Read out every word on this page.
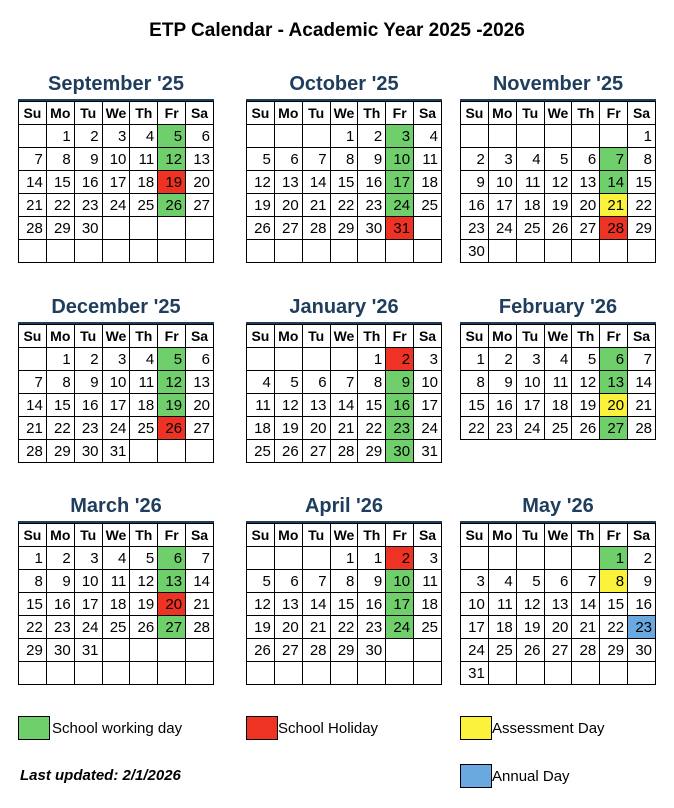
ETP Calendar - Academic Year 2025 -2026
September '25
Su	Mo	Tu	We	Th	Fr	Sa
	1	2	3	4	5	6
7	8	9	10	11	12	13
14	15	16	17	18	19	20
21	22	23	24	25	26	27
28	29	30				

October '25
Su	Mo	Tu	We	Th	Fr	Sa
			1	2	3	4
5	6	7	8	9	10	11
12	13	14	15	16	17	18
19	20	21	22	23	24	25
26	27	28	29	30	31	

November '25
Su	Mo	Tu	We	Th	Fr	Sa
						1
2	3	4	5	6	7	8
9	10	11	12	13	14	15
16	17	18	19	20	21	22
23	24	25	26	27	28	29
30						
December '25
Su	Mo	Tu	We	Th	Fr	Sa
	1	2	3	4	5	6
7	8	9	10	11	12	13
14	15	16	17	18	19	20
21	22	23	24	25	26	27
28	29	30	31			
January '26
Su	Mo	Tu	We	Th	Fr	Sa
				1	2	3
4	5	6	7	8	9	10
11	12	13	14	15	16	17
18	19	20	21	22	23	24
25	26	27	28	29	30	31
February '26
Su	Mo	Tu	We	Th	Fr	Sa
1	2	3	4	5	6	7
8	9	10	11	12	13	14
15	16	17	18	19	20	21
22	23	24	25	26	27	28
March '26
Su	Mo	Tu	We	Th	Fr	Sa
1	2	3	4	5	6	7
8	9	10	11	12	13	14
15	16	17	18	19	20	21
22	23	24	25	26	27	28
29	30	31				

April '26
Su	Mo	Tu	We	Th	Fr	Sa
			1	1	2	3
5	6	7	8	9	10	11
12	13	14	15	16	17	18
19	20	21	22	23	24	25
26	27	28	29	30		

May '26
Su	Mo	Tu	We	Th	Fr	Sa
					1	2
3	4	5	6	7	8	9
10	11	12	13	14	15	16
17	18	19	20	21	22	23
24	25	26	27	28	29	30
31						
School working day	School Holiday	Assessment Day
Annual Day
Last updated: 2/1/2026
